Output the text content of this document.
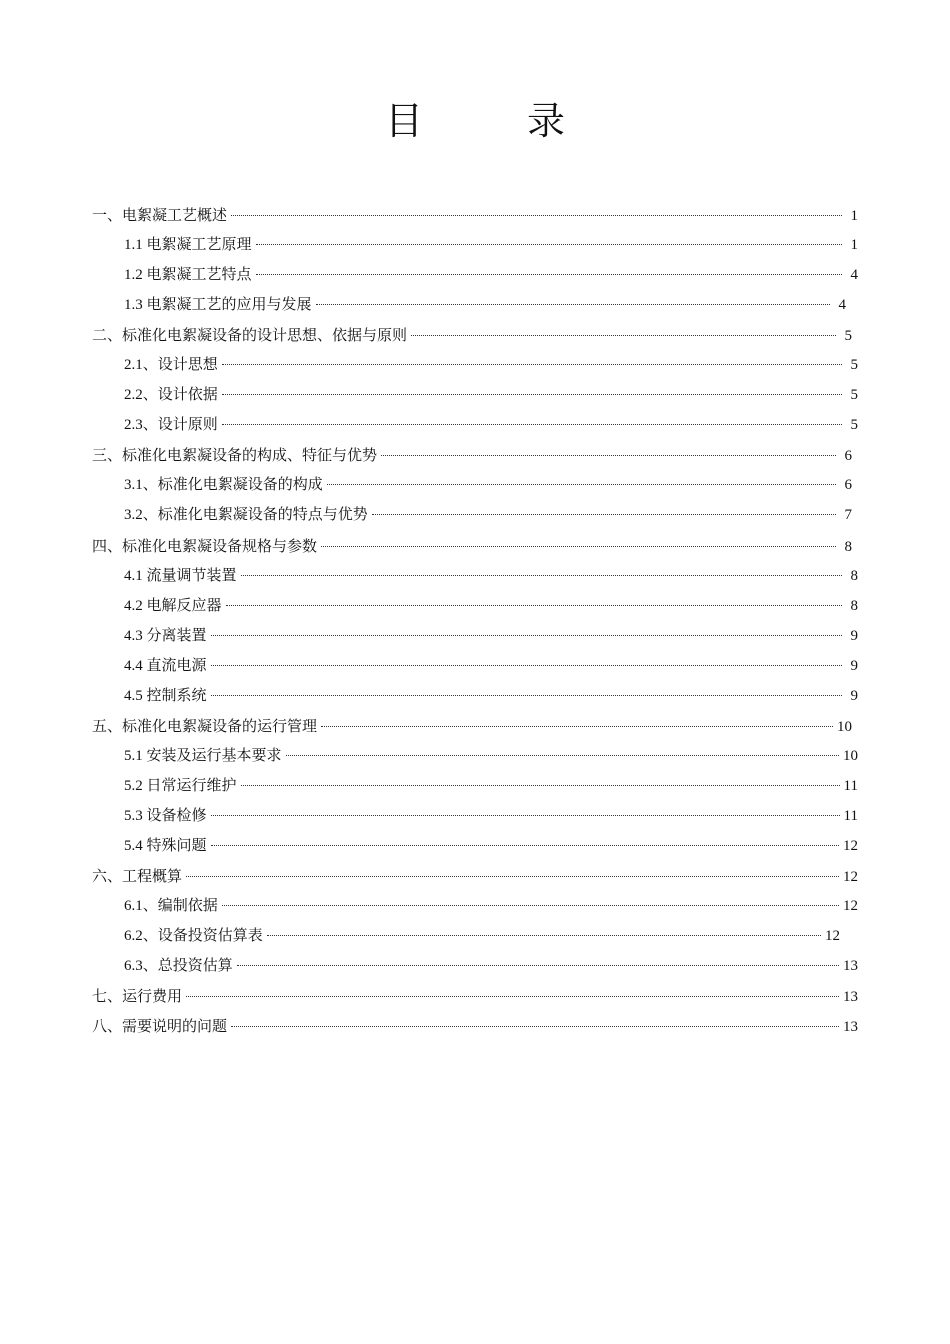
目	录
一、电絮凝工艺概述	1
1.1 电絮凝工艺原理	1
1.2 电絮凝工艺特点	4
1.3 电絮凝工艺的应用与发展	4
二、标准化电絮凝设备的设计思想、依据与原则	5
2.1、设计思想	5
2.2、设计依据	5
2.3、设计原则	5
三、标准化电絮凝设备的构成、特征与优势	6
3.1、标准化电絮凝设备的构成	6
3.2、标准化电絮凝设备的特点与优势	7
四、标准化电絮凝设备规格与参数	8
4.1 流量调节装置	8
4.2 电解反应器	8
4.3 分离装置	9
4.4 直流电源	9
4.5 控制系统	9
五、标准化电絮凝设备的运行管理	10
5.1 安装及运行基本要求	10
5.2 日常运行维护	11
5.3 设备检修	11
5.4 特殊问题	12
六、工程概算	12
6.1、编制依据	12
6.2、设备投资估算表	12
6.3、总投资估算	13
七、运行费用	13
八、需要说明的问题	13
